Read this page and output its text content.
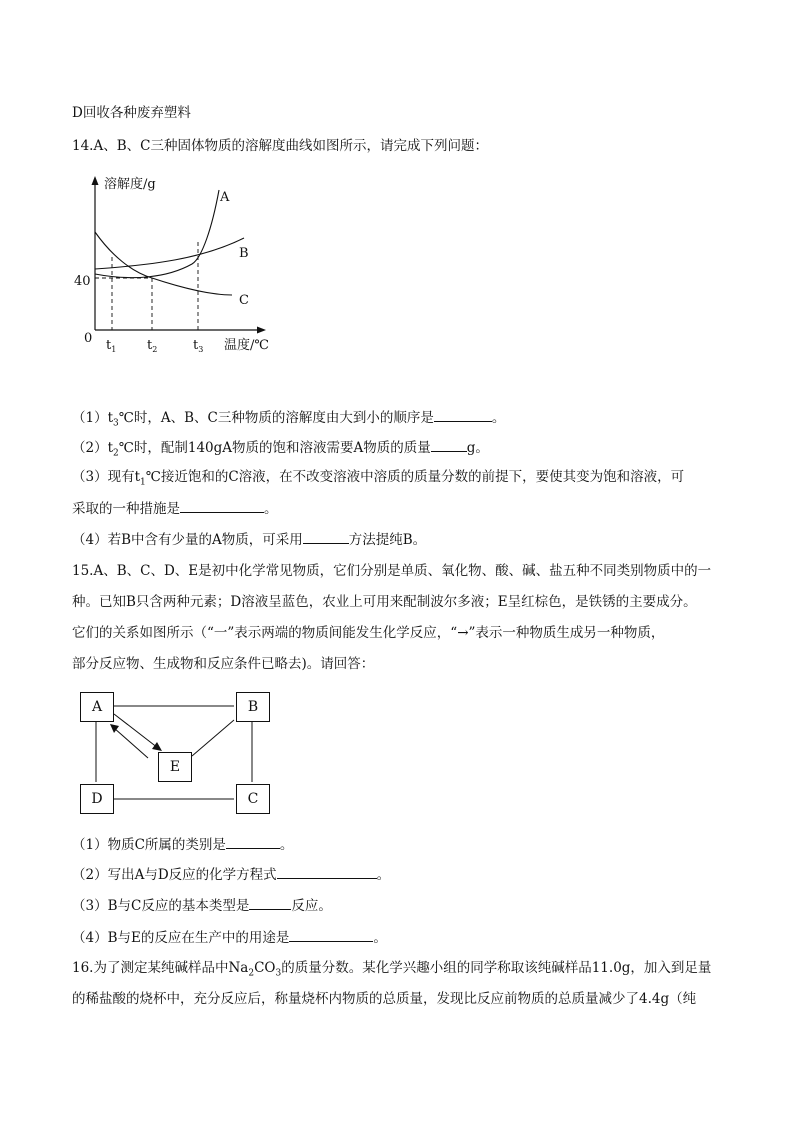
D回收各种废弃塑料
14.A、B、C三种固体物质的溶解度曲线如图所示，请完成下列问题：
溶解度/g
0
40
温度/℃
A
B
C
$t_1$ $t_2$	$t_3$
$(1)t_3℃$时，A、B、C三种物质的溶解度由大到小的顺序是	。
$(2)t_2℃$时，配制140gA物质的饱和溶液需要A物质的质量	g。
（3）现有$t_1℃$接近饱和的C溶液，在不改变溶液中溶质的质量分数的前提下，要使其变为饱和溶液，可
采取的一种措施是	。
（4）若B中含有少量的A物质，可采用	方法提纯B。
15.A、B、C、D、E是初中化学常见物质，它们分别是单质、氧化物、酸、碱、盐五种不同类别物质中的一
种。已知B只含两种元素；D溶液呈蓝色，农业上可用来配制波尔多液；E呈红棕色，是铁锈的主要成分。
它们的关系如图所示（“一”表示两端的物质间能发生化学反应，“→”表示一种物质生成另一种物质，
部分反应物、生成物和反应条件已略去)。请回答：
A	B
E
D	C
（1）物质C所属的类别是	。
（2）写出A与D反应的化学方程式	。
（3）B与C反应的基本类型是	反应。
（4）B与E的反应在生产中的用途是	。
16.为了测定某纯碱样品中$Na_2CO_3$的质量分数。某化学兴趣小组的同学称取该纯碱样品11.0g，加入到足量
的稀盐酸的烧杯中，充分反应后，称量烧杯内物质的总质量，发现比反应前物质的总质量减少了4.4g（纯
